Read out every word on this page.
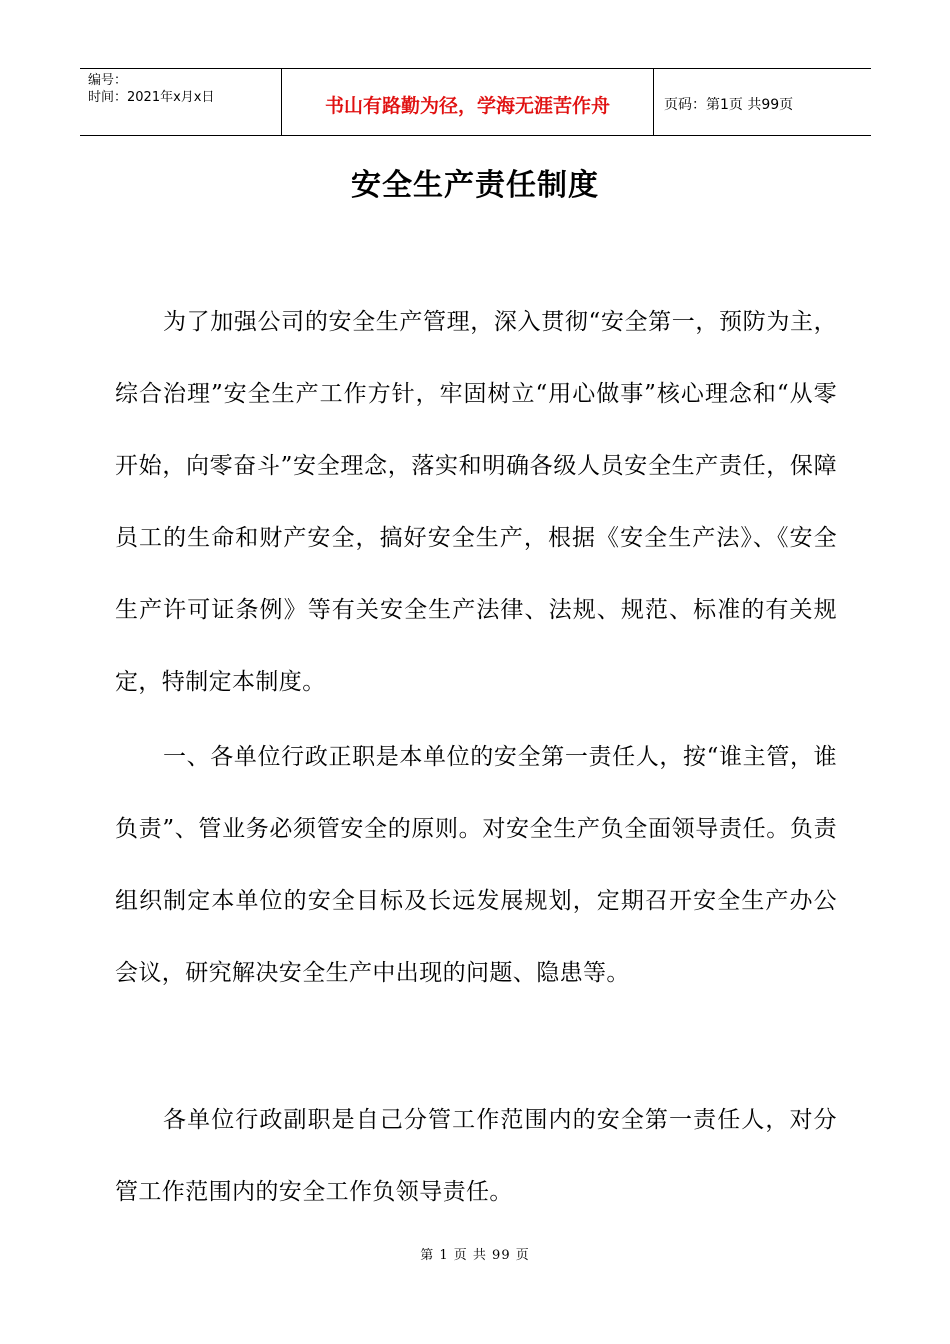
编号：
时间：2021年x月x日	书山有路勤为径，学海无涯苦作舟	页码：第1页 共99页
安全生产责任制度

为了加强公司的安全生产管理，深入贯彻“安全第一，预防为主，综合治理”安全生产工作方针，牢固树立“用心做事”核心理念和“从零开始，向零奋斗”安全理念，落实和明确各级人员安全生产责任，保障员工的生命和财产安全，搞好安全生产，根据《安全生产法》、《安全生产许可证条例》等有关安全生产法律、法规、规范、标准的有关规定，特制定本制度。

一、各单位行政正职是本单位的安全第一责任人，按“谁主管，谁负责”、管业务必须管安全的原则。对安全生产负全面领导责任。负责组织制定本单位的安全目标及长远发展规划，定期召开安全生产办公会议，研究解决安全生产中出现的问题、隐患等。

各单位行政副职是自己分管工作范围内的安全第一责任人，对分管工作范围内的安全工作负领导责任。

第 1 页 共 99 页
